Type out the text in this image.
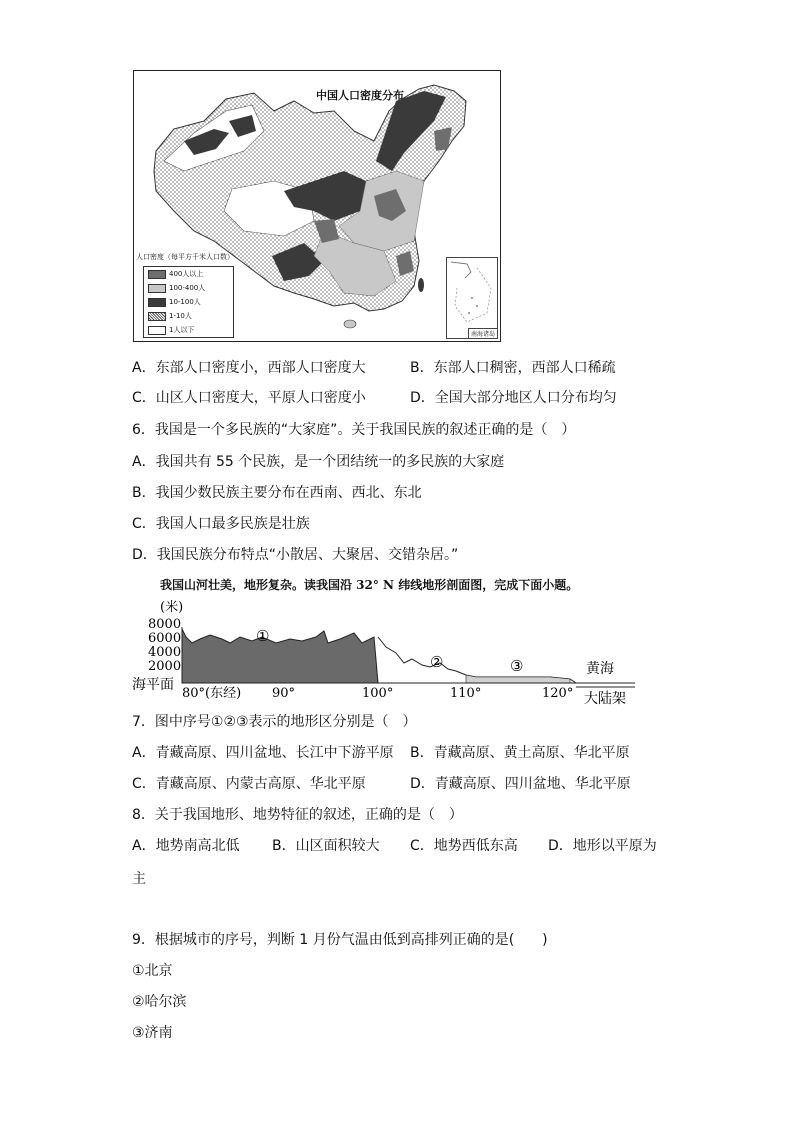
中国人口密度分布
人口密度（每平方千米人口数）
400人以上
100-400人
10-100人
1-10人
1人以下
南海诸岛
A．东部人口密度小，西部人口密度大	B．东部人口稠密，西部人口稀疏
C．山区人口密度大，平原人口密度小	D．全国大部分地区人口分布均匀
6．我国是一个多民族的“大家庭”。关于我国民族的叙述正确的是（　）
A．我国共有 55 个民族，是一个团结统一的多民族的大家庭
B．我国少数民族主要分布在西南、西北、东北
C．我国人口最多民族是壮族
D．我国民族分布特点“小散居、大聚居、交错杂居。”
我国山河壮美，地形复杂。读我国沿 32° N 纬线地形剖面图，完成下面小题。
(米)
8000
6000
4000
2000
海平面
①
②	③	黄海
大陆架
80°(东经) 90°	100°	110°	120°
7．图中序号①②③表示的地形区分别是（　）
A．青藏高原、四川盆地、长江中下游平原 B．青藏高原、黄土高原、华北平原
C．青藏高原、内蒙古高原、华北平原	D．青藏高原、四川盆地、华北平原
8．关于我国地形、地势特征的叙述，正确的是（　）
A．地势南高北低 B．山区面积较大 C．地势西低东高 D．地形以平原为
主
9．根据城市的序号，判断 1 月份气温由低到高排列正确的是(　　)
①北京
②哈尔滨
③济南
